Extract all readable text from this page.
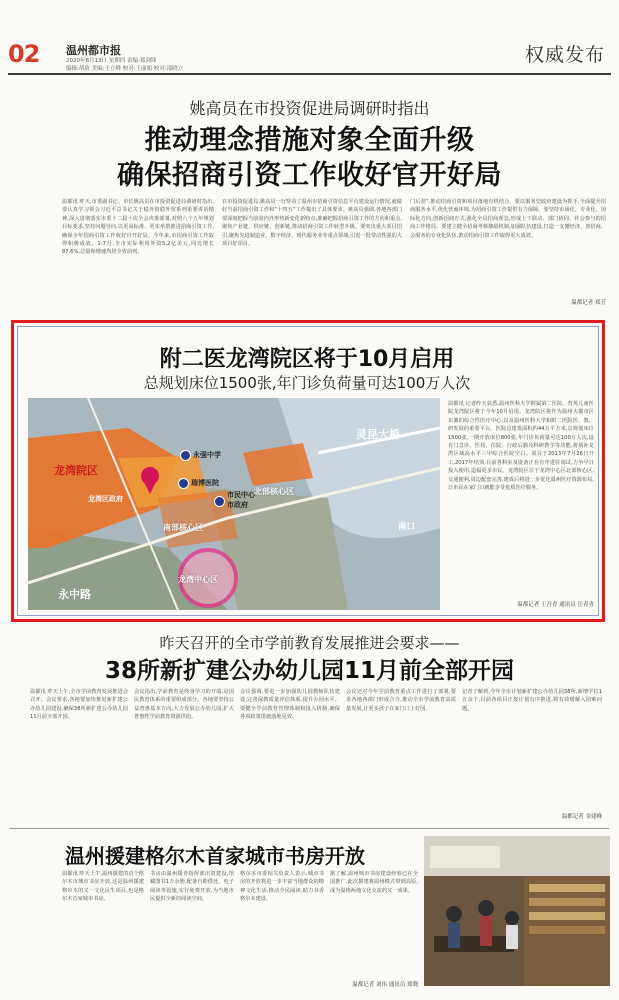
02 温州都市报
2020年8月13日 星期四 责编:郑剑锋
编辑:胡蔚 美编:王立峰 校对:王丽娟 校对:邵晓立
权威发布
姚高员在市投资促进局调研时指出
推动理念措施对象全面升级
确保招商引资工作收好官开好局
温都讯 昨天,市委副书记、市长姚高员在市投资促进局调研时指出,要认真学习领会习近平总书记关于稳外资稳外贸系列重要讲话精神,深入贯彻落实市委十二届十次全会决策部署,对照六个五年规划目标要求,坚持问题导向,以更高标准、更实举措推进招商引资工作,确保全年招商引资工作收好官开好局。今年来,市招商引资工作取得积极成效。1-7月,全市实际利用外资5.2亿美元,同比增长87.6%,总量和增速均居全省前列。
在市投资促进局,姚高员一行察看了温州市招商引资信息平台建设运行情况,就做好当前招商引资工作和“十四五”工作提出了具体要求。姚高员强调,各地各部门要深刻把握当前国内外形势新变化新特点,准确把握招商引资工作的方向和重点,聚焦产业链、供应链、创新链,推动招商引资工作转型升级。要突出重大项目招引,聚焦先进制造业、数字经济、现代服务业等重点领域,引进一批带动性强的大项目好项目。
门后劲”,推动招商引资和项目落地有机结合。要以服务型政府建设为抓手,全面提升招商服务水平,优化营商环境,为招商引资工作提供有力保障。要坚持市场化、专业化、国际化方向,创新招商方式,强化全员招商理念,形成上下联动、部门协同、社会参与的招商工作格局。要建立健全招商考核激励机制,加强队伍建设,打造一支懂经济、善招商、会服务的专业化队伍,推动招商引资工作取得更大成效。
温都记者 郑芳
附二医龙湾院区将于10月启用
总规划床位1500张,年门诊负荷量可达100万人次
龙湾院区
北部核心区
南部核心区
龙湾中心区
灵昆大桥
永中路
南口
永强中学
瑞博医院
市民中心
市政府
龙湾区政府
温都讯 记者昨天获悉,温州医科大学附属第二医院、育英儿童医院龙湾院区将于今年10月启用。龙湾院区将作为温州大都市区东翼的综合性医疗中心,以及温州医科大学和附二医院医、教、研发展的重要平台。医院总建筑面积约44万平方米,总规划床位1500张,一期开放床位800张,年门诊负荷量可达100万人次,设有门急诊、医技、住院、行政后勤及科研教学等功能,将填补龙湾区域高水平三甲综合医院空白。项目于2013年7月26日开工,2017年结顶,目前各科室及设备正在有序进驻调试,力争早日投入使用,造福更多市民。龙湾院区位于龙湾中心区北部核心区,交通便利,周边配套完善,建成后将进一步优化温州医疗资源布局,让市民在家门口就能享受优质医疗服务。
温都记者 王吾青 通讯员 汪青青
昨天召开的全市学前教育发展推进会要求——
38所新扩建公办幼儿园11月前全部开园
温都讯 昨天上午,全市学前教育发展推进会召开。会议要求,各地要加快推进新扩建公办幼儿园建设,确保38所新扩建公办幼儿园11月前全部开园。
会议指出,学前教育是终身学习的开端,是国民教育体系的重要组成部分。各地要坚持公益普惠基本方向,大力发展公办幼儿园,扩大普惠性学前教育资源供给。
会议强调,要进一步加强幼儿园教师队伍建设,完善保教质量评估体系,提升办园水平。要健全学前教育管理体制和投入机制,确保各项政策措施落地见效。
会议还对今年学前教育重点工作进行了部署,要求各地各部门形成合力,推动全市学前教育高质量发展,让更多孩子在家门口上好园。
记者了解到,今年全市计划新扩建公办幼儿园38所,新增学位1万余个,目前各项目正按计划有序推进,将有效缓解入园难问题。
温都记者 金建峰
温州援建格尔木首家城市书房开放
温都讯 昨天上午,温州援建的首个格尔木市城市书房开放,这是温州援建格尔木的又一文化民生项目,也是格尔木首家城市书房。
书房由温州援青指挥部出资建设,馆藏图书1万余册,配备自助借还、电子阅读等设施,实行免费开放,为当地市民提供全新的阅读空间。
格尔木市委相关负责人表示,城市书房的开放将进一步丰富当地群众的精神文化生活,推动全民阅读,助力书香格尔木建设。
据了解,温州城市书房建设经验已在全国推广,此次援建将温州模式带到高原,成为温格两地文化交流的又一成果。
温都记者 刘伟 通讯员 郑晓
